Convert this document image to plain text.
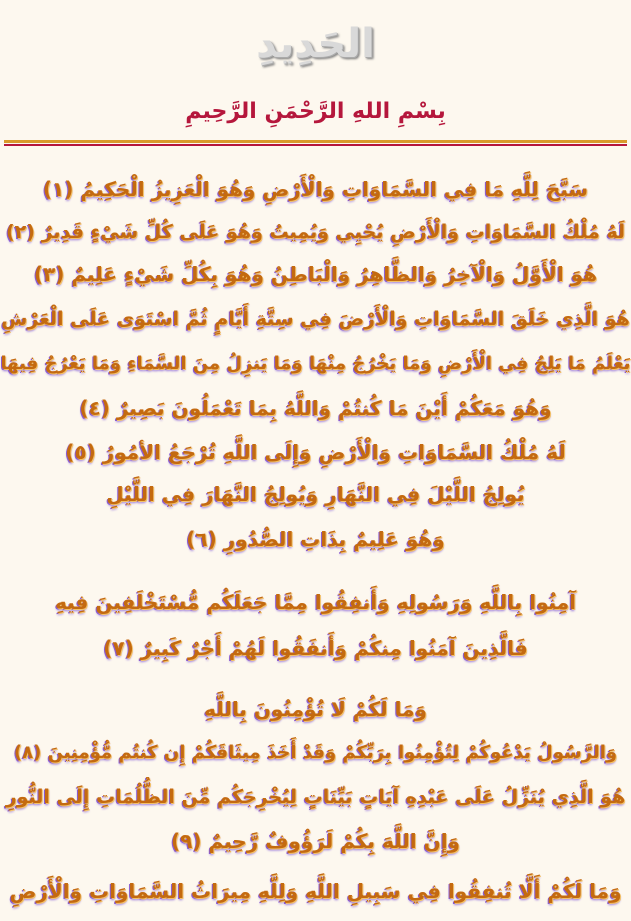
الحَدِيدِ
بِسْمِ اللهِ الرَّحْمَنِ الرَّحِيمِ
سَبَّحَ لِلَّهِ مَا فِي السَّمَاوَاتِ وَالْأَرْضِ وَهُوَ الْعَزِيزُ الْحَكِيمُ (١)
لَهُ مُلْكُ السَّمَاوَاتِ وَالْأَرْضِ يُحْيِي وَيُمِيتُ وَهُوَ عَلَى كُلِّ شَيْءٍ قَدِيرٌ (٢)
هُوَ الْأَوَّلُ وَالْآخِرُ وَالظَّاهِرُ وَالْبَاطِنُ وَهُوَ بِكُلِّ شَيْءٍ عَلِيمٌ (٣)
هُوَ الَّذِي خَلَقَ السَّمَاوَاتِ وَالْأَرْضَ فِي سِتَّةِ أَيَّامٍ ثُمَّ اسْتَوَى عَلَى الْعَرْشِ
يَعْلَمُ مَا يَلِجُ فِي الْأَرْضِ وَمَا يَخْرُجُ مِنْهَا وَمَا يَنزِلُ مِنَ السَّمَاءِ وَمَا يَعْرُجُ فِيهَا
وَهُوَ مَعَكُمْ أَيْنَ مَا كُنتُمْ وَاللَّهُ بِمَا تَعْمَلُونَ بَصِيرٌ (٤)
لَهُ مُلْكُ السَّمَاوَاتِ وَالْأَرْضِ وَإِلَى اللَّهِ تُرْجَعُ الأمُورُ (٥)
يُولِجُ اللَّيْلَ فِي النَّهَارِ وَيُولِجُ النَّهَارَ فِي اللَّيْلِ
وَهُوَ عَلِيمٌ بِذَاتِ الصُّدُورِ (٦)
آمِنُوا بِاللَّهِ وَرَسُولِهِ وَأَنفِقُوا مِمَّا جَعَلَكُم مُّسْتَخْلَفِينَ فِيهِ
فَالَّذِينَ آمَنُوا مِنكُمْ وَأَنفَقُوا لَهُمْ أَجْرٌ كَبِيرٌ (٧)
وَمَا لَكُمْ لَا تُؤْمِنُونَ بِاللَّهِ
وَالرَّسُولُ يَدْعُوكُمْ لِتُؤْمِنُوا بِرَبِّكُمْ وَقَدْ أَخَذَ مِيثَاقَكُمْ إِن كُنتُم مُّؤْمِنِينَ (٨)
هُوَ الَّذِي يُنَزِّلُ عَلَى عَبْدِهِ آيَاتٍ بَيِّنَاتٍ لِيُخْرِجَكُم مِّنَ الظُّلُمَاتِ إِلَى النُّورِ
وَإِنَّ اللَّهَ بِكُمْ لَرَؤُوفٌ رَّحِيمٌ (٩)
وَمَا لَكُمْ أَلَّا تُنفِقُوا فِي سَبِيلِ اللَّهِ وَلِلَّهِ مِيرَاثُ السَّمَاوَاتِ وَالْأَرْضِ
